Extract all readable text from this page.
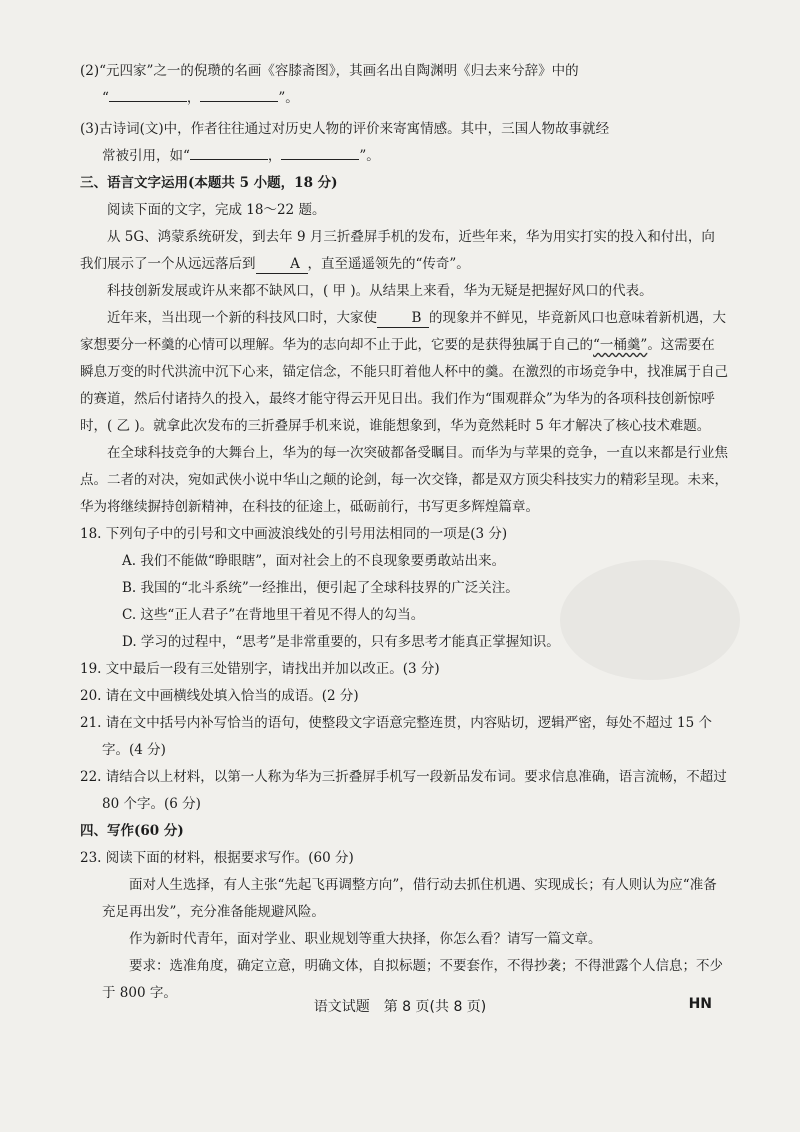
(2)“元四家”之一的倪瓒的名画《容膝斋图》，其画名出自陶渊明《归去来兮辞》中的
“	，	”。

(3)古诗词(文)中，作者往往通过对历史人物的评价来寄寓情感。其中，三国人物故事就经
常被引用，如“	，	”。

三、语言文字运用(本题共 5 小题，18 分)

阅读下面的文字，完成 18～22 题。

从 5G、鸿蒙系统研发，到去年 9 月三折叠屏手机的发布，近些年来，华为用实打实的投入和付出，向我们展示了一个从远远落后到	A ，直至遥遥领先的“传奇”。

科技创新发展或许从来都不缺风口，( 甲 )。从结果上来看，华为无疑是把握好风口的代表。

近年来，当出现一个新的科技风口时，大家使	B 的现象并不鲜见，毕竟新风口也意味着新机遇，大家想要分一杯羹的心情可以理解。华为的志向却不止于此，它要的是获得独属于自己的“一桶羹”。这需要在瞬息万变的时代洪流中沉下心来，锚定信念，不能只盯着他人杯中的羹。在激烈的市场竞争中，找准属于自己的赛道，然后付诸持久的投入，最终才能守得云开见日出。我们作为“围观群众”为华为的各项科技创新惊呼时，( 乙 )。就拿此次发布的三折叠屏手机来说，谁能想象到，华为竟然耗时 5 年才解决了核心技术难题。

在全球科技竞争的大舞台上，华为的每一次突破都备受瞩目。而华为与苹果的竞争，一直以来都是行业焦点。二者的对决，宛如武侠小说中华山之颠的论剑，每一次交锋，都是双方顶尖科技实力的精彩呈现。未来，华为将继续摒持创新精神，在科技的征途上，砥砺前行，书写更多辉煌篇章。

18. 下列句子中的引号和文中画波浪线处的引号用法相同的一项是(3 分)

A. 我们不能做“睁眼瞎”，面对社会上的不良现象要勇敢站出来。

B. 我国的“北斗系统”一经推出，便引起了全球科技界的广泛关注。

C. 这些“正人君子”在背地里干着见不得人的勾当。

D. 学习的过程中，“思考”是非常重要的，只有多思考才能真正掌握知识。

19. 文中最后一段有三处错别字，请找出并加以改正。(3 分)

20. 请在文中画横线处填入恰当的成语。(2 分)

21. 请在文中括号内补写恰当的语句，使整段文字语意完整连贯，内容贴切，逻辑严密，每处不超过 15 个字。(4 分)

22. 请结合以上材料，以第一人称为华为三折叠屏手机写一段新品发布词。要求信息准确，语言流畅，不超过 80 个字。(6 分)

四、写作(60 分)

23. 阅读下面的材料，根据要求写作。(60 分)

面对人生选择，有人主张“先起飞再调整方向”，借行动去抓住机遇、实现成长；有人则认为应“准备充足再出发”，充分准备能规避风险。

作为新时代青年，面对学业、职业规划等重大抉择，你怎么看？请写一篇文章。

要求：选准角度，确定立意，明确文体，自拟标题；不要套作，不得抄袭；不得泄露个人信息；不少于 800 字。

语文试题　第 8 页(共 8 页)	HN
